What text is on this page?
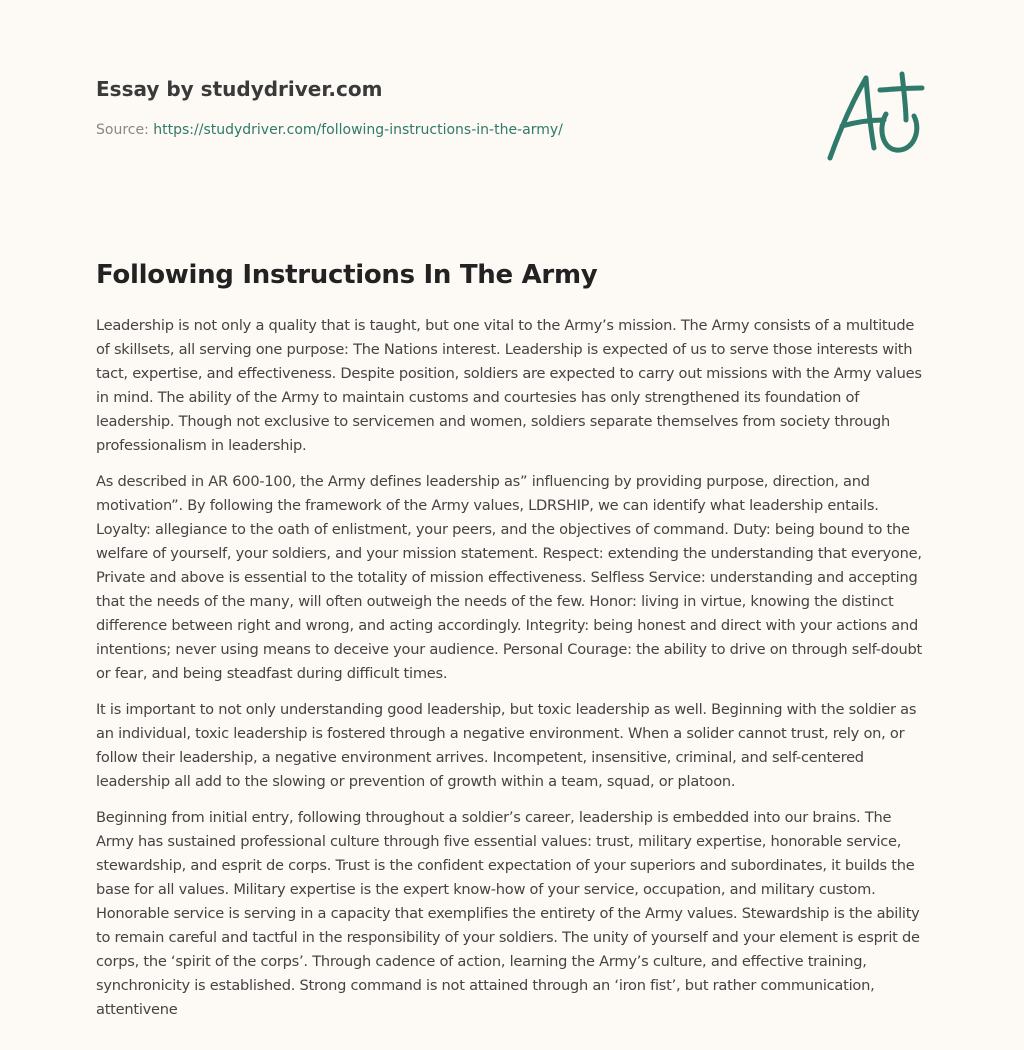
Essay by studydriver.com
Source: https://studydriver.com/following-instructions-in-the-army/
Following Instructions In The Army

Leadership is not only a quality that is taught, but one vital to the Army’s mission. The Army consists of a multitude of skillsets, all serving one purpose: The Nations interest. Leadership is expected of us to serve those interests with tact, expertise, and effectiveness. Despite position, soldiers are expected to carry out missions with the Army values in mind. The ability of the Army to maintain customs and courtesies has only strengthened its foundation of leadership. Though not exclusive to servicemen and women, soldiers separate themselves from society through professionalism in leadership.

As described in AR 600-100, the Army defines leadership as” influencing by providing purpose, direction, and motivation”. By following the framework of the Army values, LDRSHIP, we can identify what leadership entails. Loyalty: allegiance to the oath of enlistment, your peers, and the objectives of command. Duty: being bound to the welfare of yourself, your soldiers, and your mission statement. Respect: extending the understanding that everyone, Private and above is essential to the totality of mission effectiveness. Selfless Service: understanding and accepting that the needs of the many, will often outweigh the needs of the few. Honor: living in virtue, knowing the distinct difference between right and wrong, and acting accordingly. Integrity: being honest and direct with your actions and intentions; never using means to deceive your audience. Personal Courage: the ability to drive on through self-doubt or fear, and being steadfast during difficult times.

It is important to not only understanding good leadership, but toxic leadership as well. Beginning with the soldier as an individual, toxic leadership is fostered through a negative environment. When a solider cannot trust, rely on, or follow their leadership, a negative environment arrives. Incompetent, insensitive, criminal, and self-centered leadership all add to the slowing or prevention of growth within a team, squad, or platoon.

Beginning from initial entry, following throughout a soldier’s career, leadership is embedded into our brains. The Army has sustained professional culture through five essential values: trust, military expertise, honorable service, stewardship, and esprit de corps. Trust is the confident expectation of your superiors and subordinates, it builds the base for all values. Military expertise is the expert know-how of your service, occupation, and military custom. Honorable service is serving in a capacity that exemplifies the entirety of the Army values. Stewardship is the ability to remain careful and tactful in the responsibility of your soldiers. The unity of yourself and your element is esprit de corps, the ‘spirit of the corps’. Through cadence of action, learning the Army’s culture, and effective training, synchronicity is established. Strong command is not attained through an ‘iron fist’, but rather communication, attentivene
